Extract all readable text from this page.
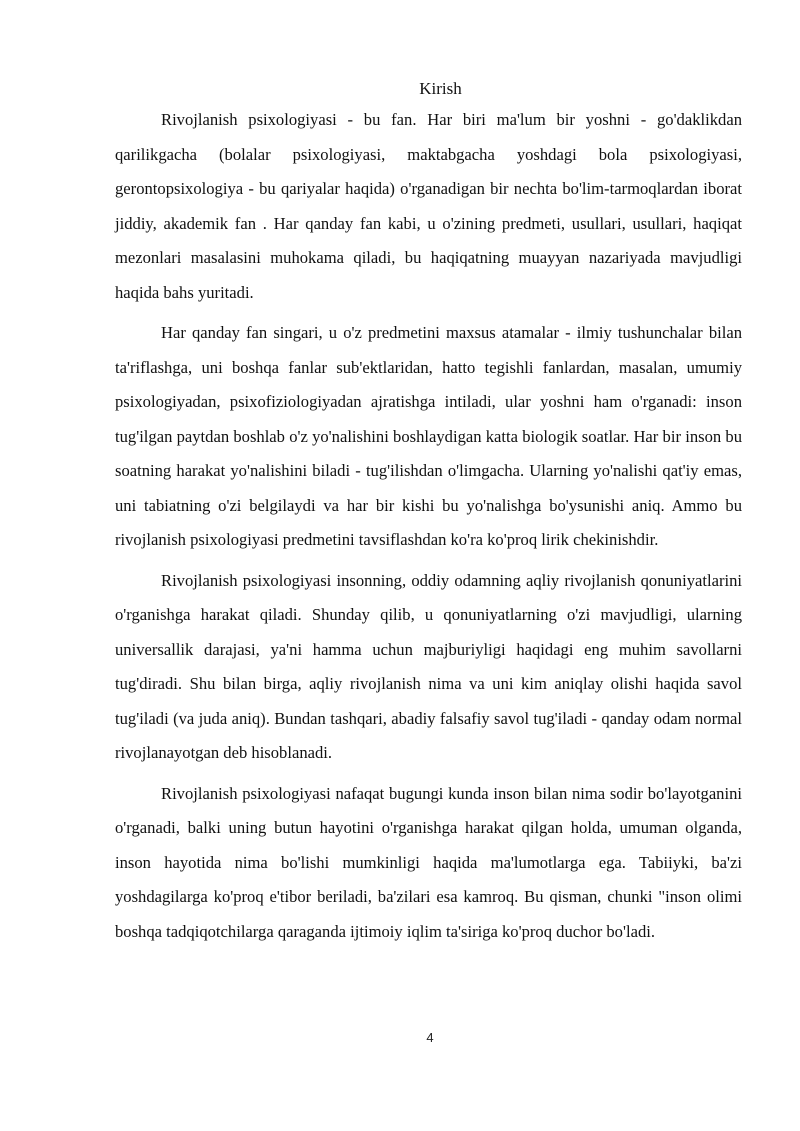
Kirish

Rivojlanish psixologiyasi - bu fan. Har biri ma'lum bir yoshni - go'daklikdan qarilikgacha (bolalar psixologiyasi, maktabgacha yoshdagi bola psixologiyasi, gerontopsixologiya - bu qariyalar haqida) o'rganadigan bir nechta bo'lim-tarmoqlardan iborat jiddiy, akademik fan . Har qanday fan kabi, u o'zining predmeti, usullari, usullari, haqiqat mezonlari masalasini muhokama qiladi, bu haqiqatning muayyan nazariyada mavjudligi haqida bahs yuritadi.

Har qanday fan singari, u o'z predmetini maxsus atamalar - ilmiy tushunchalar bilan ta'riflashga, uni boshqa fanlar sub'ektlaridan, hatto tegishli fanlardan, masalan, umumiy psixologiyadan, psixofiziologiyadan ajratishga intiladi, ular yoshni ham o'rganadi: inson tug'ilgan paytdan boshlab o'z yo'nalishini boshlaydigan katta biologik soatlar. Har bir inson bu soatning harakat yo'nalishini biladi - tug'ilishdan o'limgacha. Ularning yo'nalishi qat'iy emas, uni tabiatning o'zi belgilaydi va har bir kishi bu yo'nalishga bo'ysunishi aniq. Ammo bu rivojlanish psixologiyasi predmetini tavsiflashdan ko'ra ko'proq lirik chekinishdir.

Rivojlanish psixologiyasi insonning, oddiy odamning aqliy rivojlanish qonuniyatlarini o'rganishga harakat qiladi. Shunday qilib, u qonuniyatlarning o'zi mavjudligi, ularning universallik darajasi, ya'ni hamma uchun majburiyligi haqidagi eng muhim savollarni tug'diradi. Shu bilan birga, aqliy rivojlanish nima va uni kim aniqlay olishi haqida savol tug'iladi (va juda aniq). Bundan tashqari, abadiy falsafiy savol tug'iladi - qanday odam normal rivojlanayotgan deb hisoblanadi.

Rivojlanish psixologiyasi nafaqat bugungi kunda inson bilan nima sodir bo'layotganini o'rganadi, balki uning butun hayotini o'rganishga harakat qilgan holda, umuman olganda, inson hayotida nima bo'lishi mumkinligi haqida ma'lumotlarga ega. Tabiiyki, ba'zi yoshdagilarga ko'proq e'tibor beriladi, ba'zilari esa kamroq. Bu qisman, chunki "inson olimi boshqa tadqiqotchilarga qaraganda ijtimoiy iqlim ta'siriga ko'proq duchor bo'ladi.

4
